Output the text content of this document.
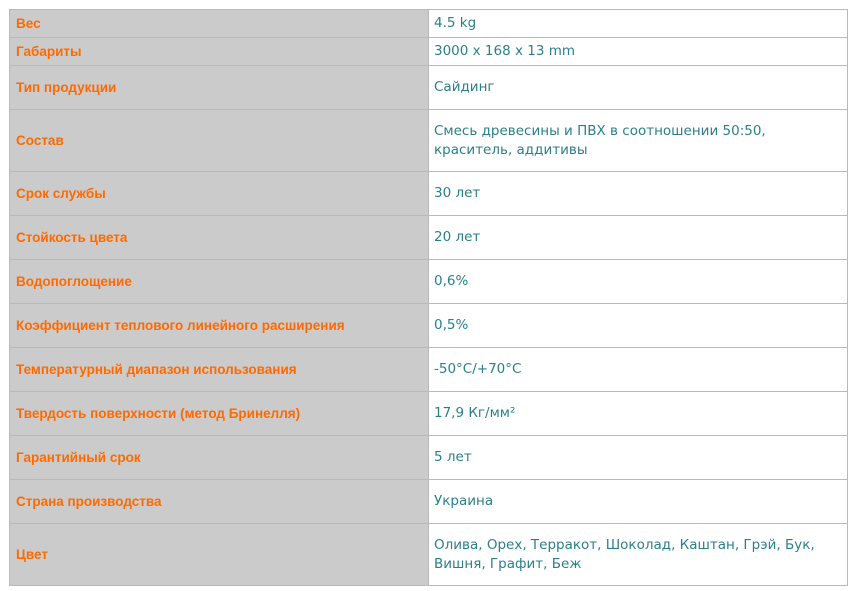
Вес	4.5 kg
Габариты	3000 x 168 x 13 mm
Тип продукции	Сайдинг
Состав	Смесь древесины и ПВХ в соотношении 50:50, краситель, аддитивы
Срок службы	30 лет
Стойкость цвета	20 лет
Водопоглощение	0,6%
Коэффициент теплового линейного расширения	0,5%
Температурный диапазон использования	-50°C/+70°C
Твердость поверхности (метод Бринелля)	17,9 Кг/мм²
Гарантийный срок	5 лет
Страна производства	Украина
Цвет	Олива, Орех, Терракот, Шоколад, Каштан, Грэй, Бук, Вишня, Графит, Беж
